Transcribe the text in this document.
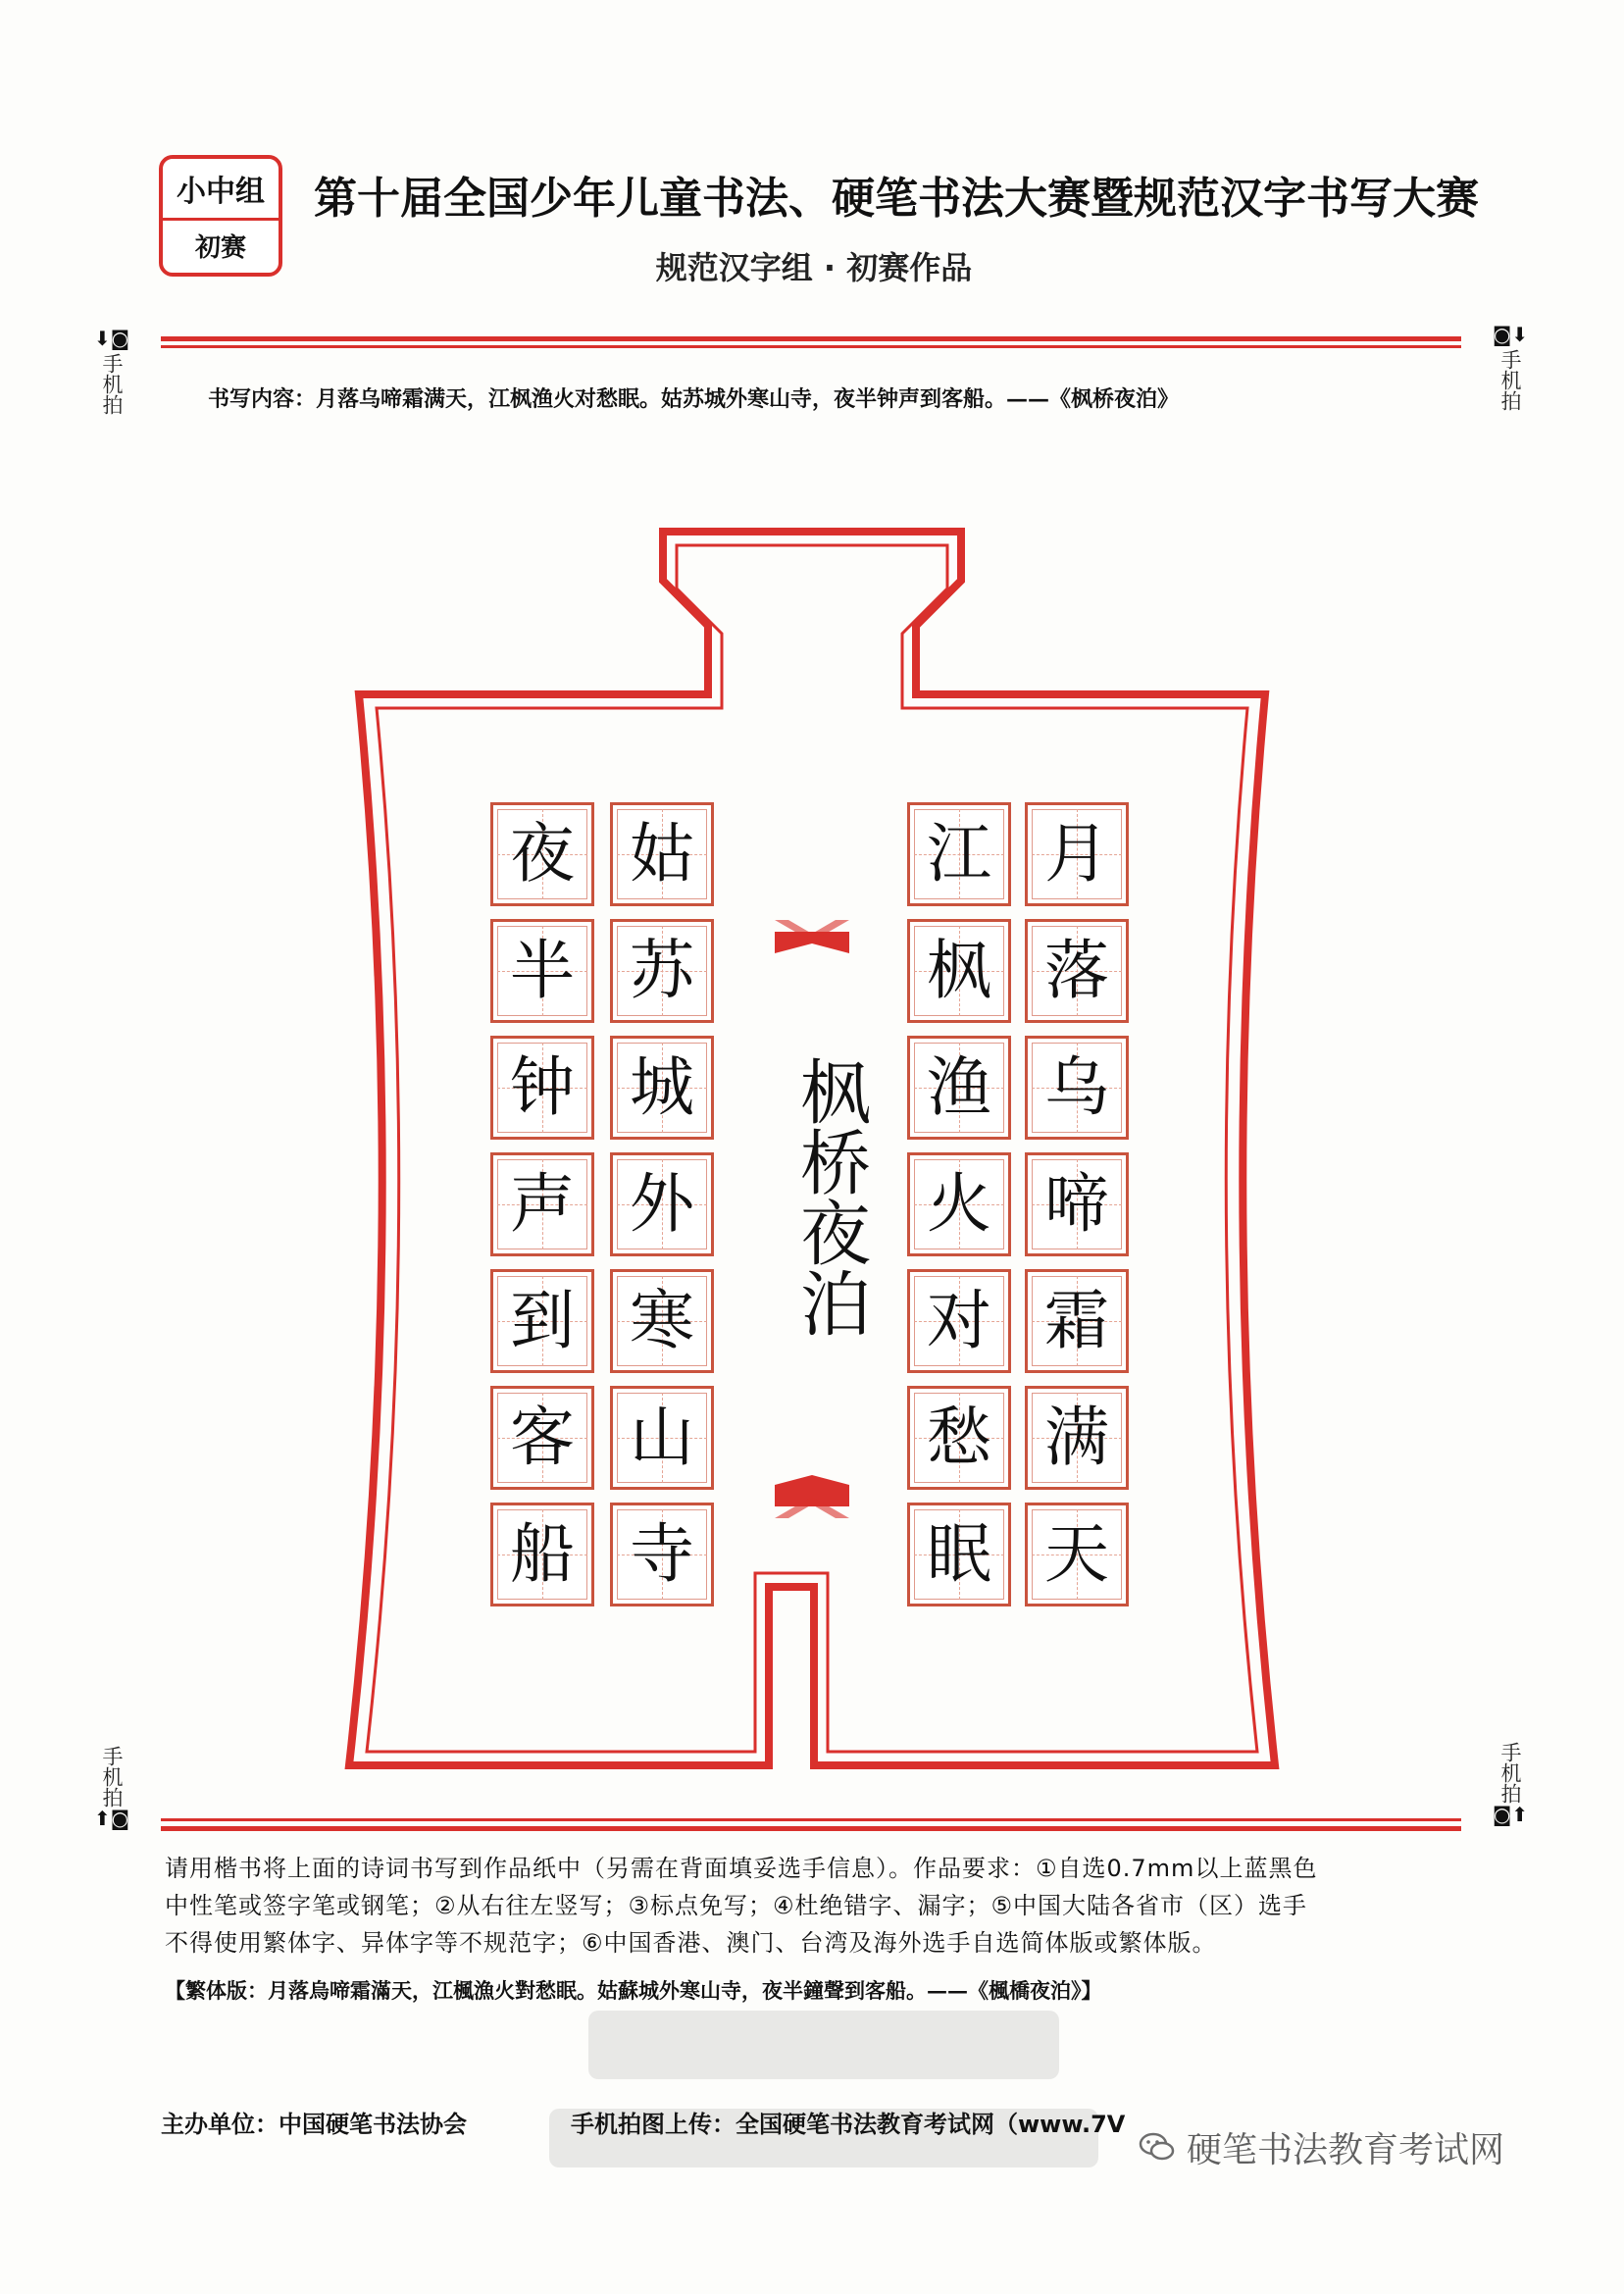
小中组
初赛
第十届全国少年儿童书法、硬笔书法大赛暨规范汉字书写大赛
规范汉字组 · 初赛作品
⬇◙
手机拍
◙⬇
手机拍
手机拍
⬆◙
手机拍
◙⬆
书写内容：月落乌啼霜满天，江枫渔火对愁眠。姑苏城外寒山寺，夜半钟声到客船。——《枫桥夜泊》
月
落
乌
啼
霜
满
天
江
枫
渔
火
对
愁
眠
姑
苏
城
外
寒
山
寺
夜
半
钟
声
到
客
船
枫桥夜泊
请用楷书将上面的诗词书写到作品纸中（另需在背面填妥选手信息）。作品要求：①自选0.7mm以上蓝黑色
中性笔或签字笔或钢笔；②从右往左竖写；③标点免写；④杜绝错字、漏字；⑤中国大陆各省市（区）选手
不得使用繁体字、异体字等不规范字；⑥中国香港、澳门、台湾及海外选手自选简体版或繁体版。
【繁体版：月落烏啼霜滿天，江楓漁火對愁眠。姑蘇城外寒山寺，夜半鐘聲到客船。——《楓橋夜泊》】
主办单位：中国硬笔书法协会	手机拍图上传：全国硬笔书法教育考试网（www.7V
硬笔书法教育考试网
